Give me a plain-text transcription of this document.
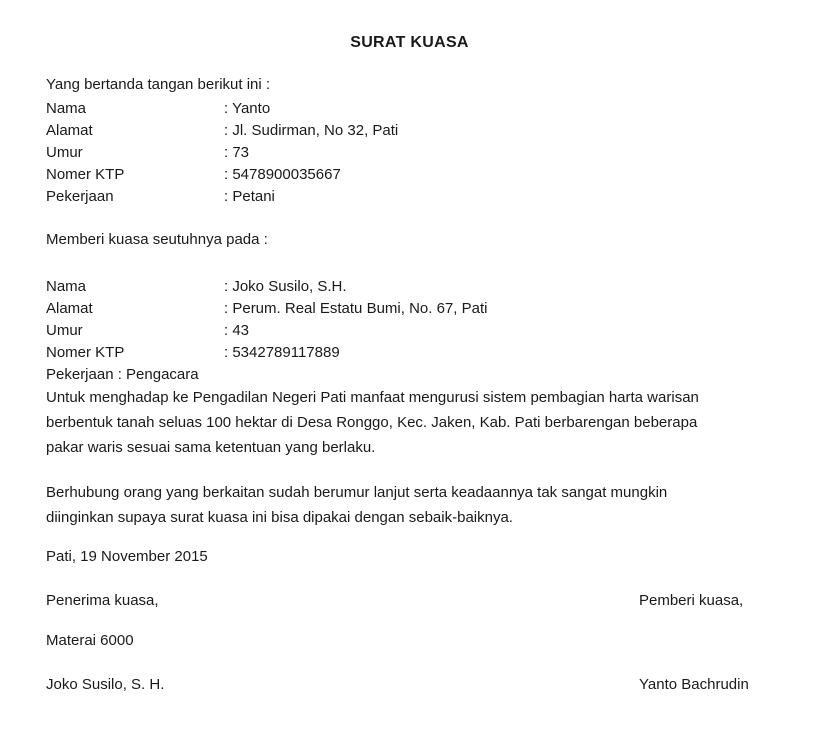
SURAT KUASA
Yang bertanda tangan berikut ini :
Nama	: Yanto
Alamat	: Jl. Sudirman, No 32, Pati
Umur	: 73
Nomer KTP	: 5478900035667
Pekerjaan	: Petani
Memberi kuasa seutuhnya pada :
Nama	: Joko Susilo, S.H.
Alamat	: Perum. Real Estatu Bumi, No. 67, Pati
Umur	: 43
Nomer KTP	: 5342789117889
Pekerjaan : Pengacara
Untuk menghadap ke Pengadilan Negeri Pati manfaat mengurusi sistem pembagian harta warisan
berbentuk tanah seluas 100 hektar di Desa Ronggo, Kec. Jaken, Kab. Pati berbarengan beberapa
pakar waris sesuai sama ketentuan yang berlaku.
Berhubung orang yang berkaitan sudah berumur lanjut serta keadaannya tak sangat mungkin
diinginkan supaya surat kuasa ini bisa dipakai dengan sebaik-baiknya.
Pati, 19 November 2015
Penerima kuasa,	Pemberi kuasa,
Materai 6000
Joko Susilo, S. H.	Yanto Bachrudin
